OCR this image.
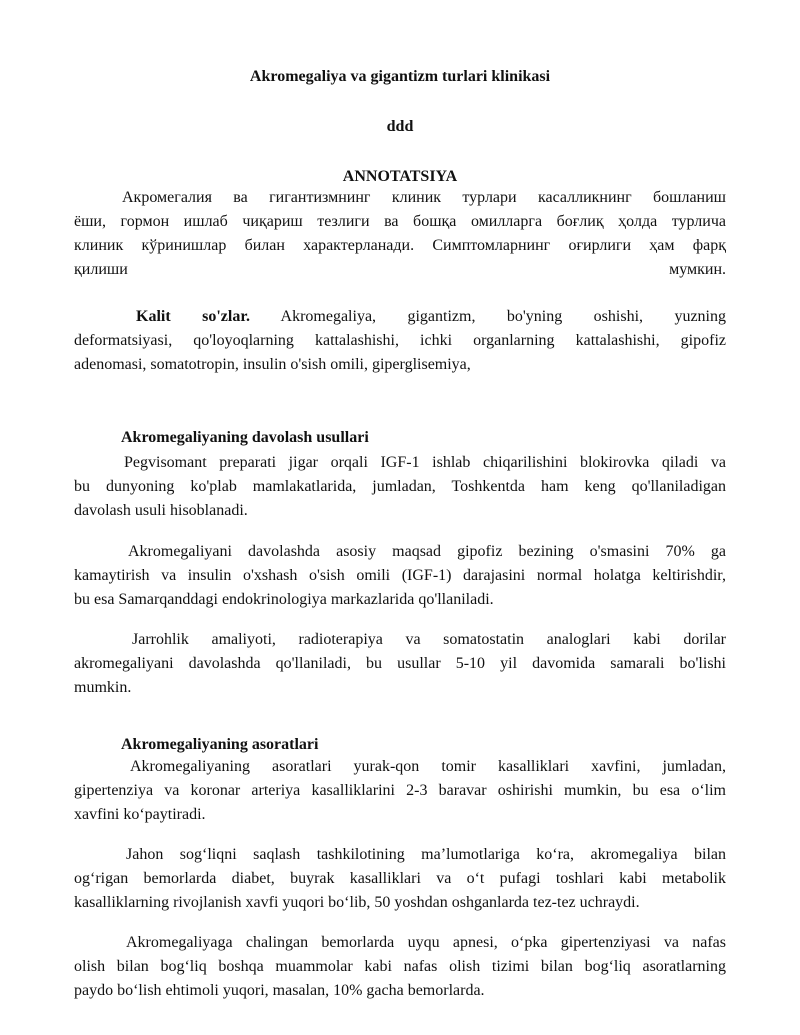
Akromegaliya va gigantizm turlari klinikasi
ddd
ANNOTATSIYA
Акромегалия ва гигантизмнинг клиник турлари касалликнинг бошланиш
ёши, гормон ишлаб чиқариш тезлиги ва бошқа омилларга боғлиқ ҳолда турлича
клиник кўринишлар билан характерланади. Симптомларнинг оғирлиги ҳам фарқ
қилиши	мумкин.
Kalit so'zlar. Akromegaliya, gigantizm, bo'yning oshishi, yuzning
deformatsiyasi, qo'loyoqlarning kattalashishi, ichki organlarning kattalashishi, gipofiz
adenomasi, somatotropin, insulin o'sish omili, giperglisemiya,
Akromegaliyaning davolash usullari
Pegvisomant preparati jigar orqali IGF-1 ishlab chiqarilishini blokirovka qiladi va
bu dunyoning ko'plab mamlakatlarida, jumladan, Toshkentda ham keng qo'llaniladigan
davolash usuli hisoblanadi.
Akromegaliyani davolashda asosiy maqsad gipofiz bezining o'smasini 70% ga
kamaytirish va insulin o'xshash o'sish omili (IGF-1) darajasini normal holatga keltirishdir,
bu esa Samarqanddagi endokrinologiya markazlarida qo'llaniladi.
Jarrohlik amaliyoti, radioterapiya va somatostatin analoglari kabi dorilar
akromegaliyani davolashda qo'llaniladi, bu usullar 5-10 yil davomida samarali bo'lishi
mumkin.
Akromegaliyaning asoratlari
Akromegaliyaning asoratlari yurak-qon tomir kasalliklari xavfini, jumladan,
gipertenziya va koronar arteriya kasalliklarini 2-3 baravar oshirishi mumkin, bu esa o‘lim
xavfini ko‘paytiradi.
Jahon sog‘liqni saqlash tashkilotining ma’lumotlariga ko‘ra, akromegaliya bilan
og‘rigan bemorlarda diabet, buyrak kasalliklari va o‘t pufagi toshlari kabi metabolik
kasalliklarning rivojlanish xavfi yuqori bo‘lib, 50 yoshdan oshganlarda tez-tez uchraydi.
Akromegaliyaga chalingan bemorlarda uyqu apnesi, o‘pka gipertenziyasi va nafas
olish bilan bog‘liq boshqa muammolar kabi nafas olish tizimi bilan bog‘liq asoratlarning
paydo bo‘lish ehtimoli yuqori, masalan, 10% gacha bemorlarda.
